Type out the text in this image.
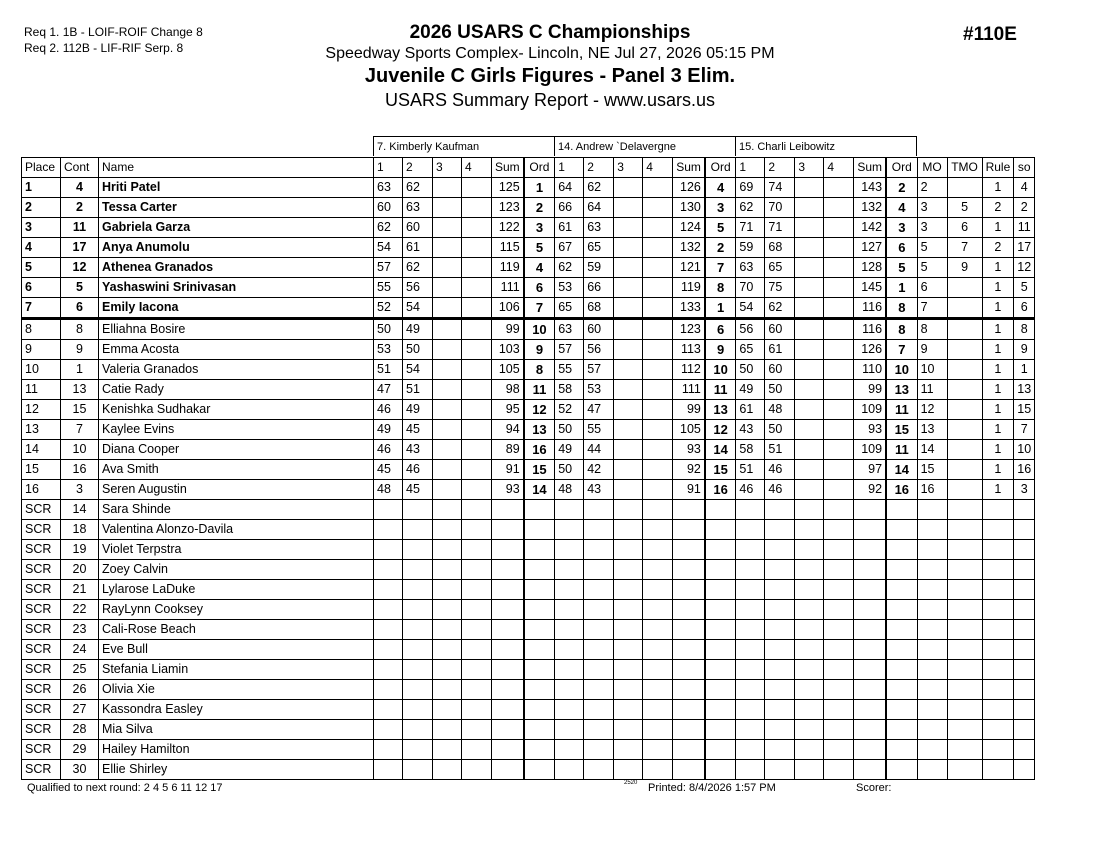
Req 1. 1B - LOIF-ROIF Change 8
Req 2. 112B - LIF-RIF Serp. 8
2026 USARS C Championships
Speedway Sports Complex- Lincoln, NE Jul 27, 2026 05:15 PM
Juvenile C Girls Figures - Panel 3 Elim.
USARS Summary Report - www.usars.us
#110E
7. Kimberly Kaufman	14. Andrew `Delavergne	15. Charli Leibowitz
Place	Cont	Name	1	2	3	4	Sum	Ord	1	2	3	4	Sum	Ord	1	2	3	4	Sum	Ord	MO	TMO	Rule	so
1	4	Hriti Patel	63	62			125	1	64	62			126	4	69	74			143	2	2		1	4
2	2	Tessa Carter	60	63			123	2	66	64			130	3	62	70			132	4	3	5	2	2
3	11	Gabriela Garza	62	60			122	3	61	63			124	5	71	71			142	3	3	6	1	11
4	17	Anya Anumolu	54	61			115	5	67	65			132	2	59	68			127	6	5	7	2	17
5	12	Athenea Granados	57	62			119	4	62	59			121	7	63	65			128	5	5	9	1	12
6	5	Yashaswini Srinivasan	55	56			111	6	53	66			119	8	70	75			145	1	6		1	5
7	6	Emily Iacona	52	54			106	7	65	68			133	1	54	62			116	8	7		1	6
8	8	Elliahna Bosire	50	49			99	10	63	60			123	6	56	60			116	8	8		1	8
9	9	Emma Acosta	53	50			103	9	57	56			113	9	65	61			126	7	9		1	9
10	1	Valeria Granados	51	54			105	8	55	57			112	10	50	60			110	10	10		1	1
11	13	Catie Rady	47	51			98	11	58	53			111	11	49	50			99	13	11		1	13
12	15	Kenishka Sudhakar	46	49			95	12	52	47			99	13	61	48			109	11	12		1	15
13	7	Kaylee Evins	49	45			94	13	50	55			105	12	43	50			93	15	13		1	7
14	10	Diana Cooper	46	43			89	16	49	44			93	14	58	51			109	11	14		1	10
15	16	Ava Smith	45	46			91	15	50	42			92	15	51	46			97	14	15		1	16
16	3	Seren Augustin	48	45			93	14	48	43			91	16	46	46			92	16	16		1	3
SCR	14	Sara Shinde																						
SCR	18	Valentina Alonzo-Davila																						
SCR	19	Violet Terpstra																						
SCR	20	Zoey Calvin																						
SCR	21	Lylarose LaDuke																						
SCR	22	RayLynn Cooksey																						
SCR	23	Cali-Rose Beach																						
SCR	24	Eve Bull																						
SCR	25	Stefania Liamin																						
SCR	26	Olivia Xie																						
SCR	27	Kassondra Easley																						
SCR	28	Mia Silva																						
SCR	29	Hailey Hamilton																						
SCR	30	Ellie Shirley																						
Qualified to next round: 2 4 5 6 11 12 17	2520 Printed: 8/4/2026 1:57 PM	Scorer:
